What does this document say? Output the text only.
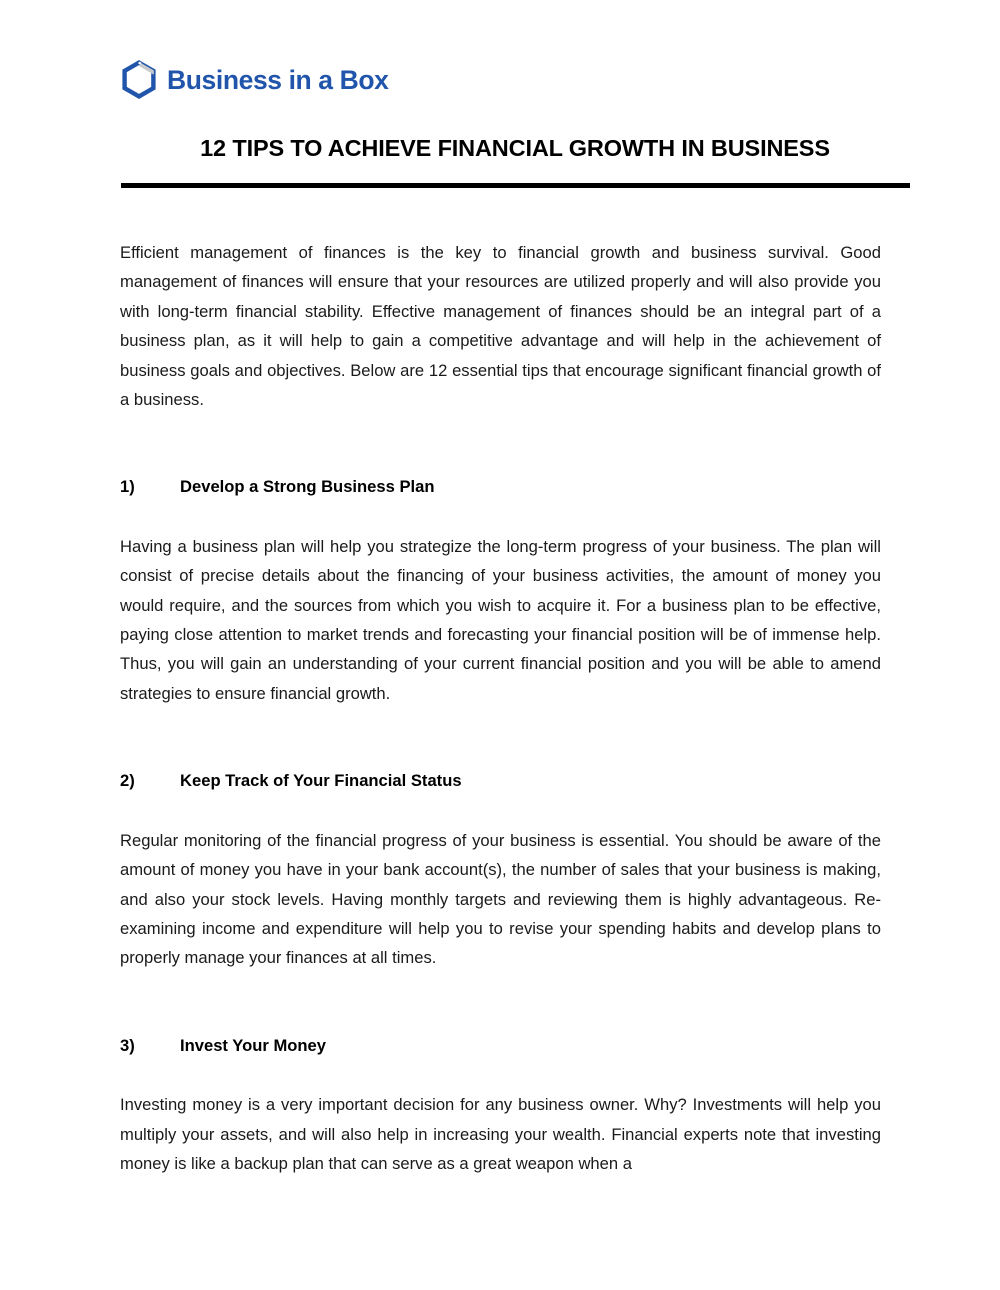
Business in a Box
12 TIPS TO ACHIEVE FINANCIAL GROWTH IN BUSINESS

Efficient management of finances is the key to financial growth and business survival. Good management of finances will ensure that your resources are utilized properly and will also provide you with long-term financial stability. Effective management of finances should be an integral part of a business plan, as it will help to gain a competitive advantage and will help in the achievement of business goals and objectives. Below are 12 essential tips that encourage significant financial growth of a business.

1)	Develop a Strong Business Plan

Having a business plan will help you strategize the long-term progress of your business. The plan will consist of precise details about the financing of your business activities, the amount of money you would require, and the sources from which you wish to acquire it. For a business plan to be effective, paying close attention to market trends and forecasting your financial position will be of immense help. Thus, you will gain an understanding of your current financial position and you will be able to amend strategies to ensure financial growth.

2)	Keep Track of Your Financial Status

Regular monitoring of the financial progress of your business is essential. You should be aware of the amount of money you have in your bank account(s), the number of sales that your business is making, and also your stock levels. Having monthly targets and reviewing them is highly advantageous. Re-examining income and expenditure will help you to revise your spending habits and develop plans to properly manage your finances at all times.

3)	Invest Your Money

Investing money is a very important decision for any business owner. Why? Investments will help you multiply your assets, and will also help in increasing your wealth. Financial experts note that investing money is like a backup plan that can serve as a great weapon when a
